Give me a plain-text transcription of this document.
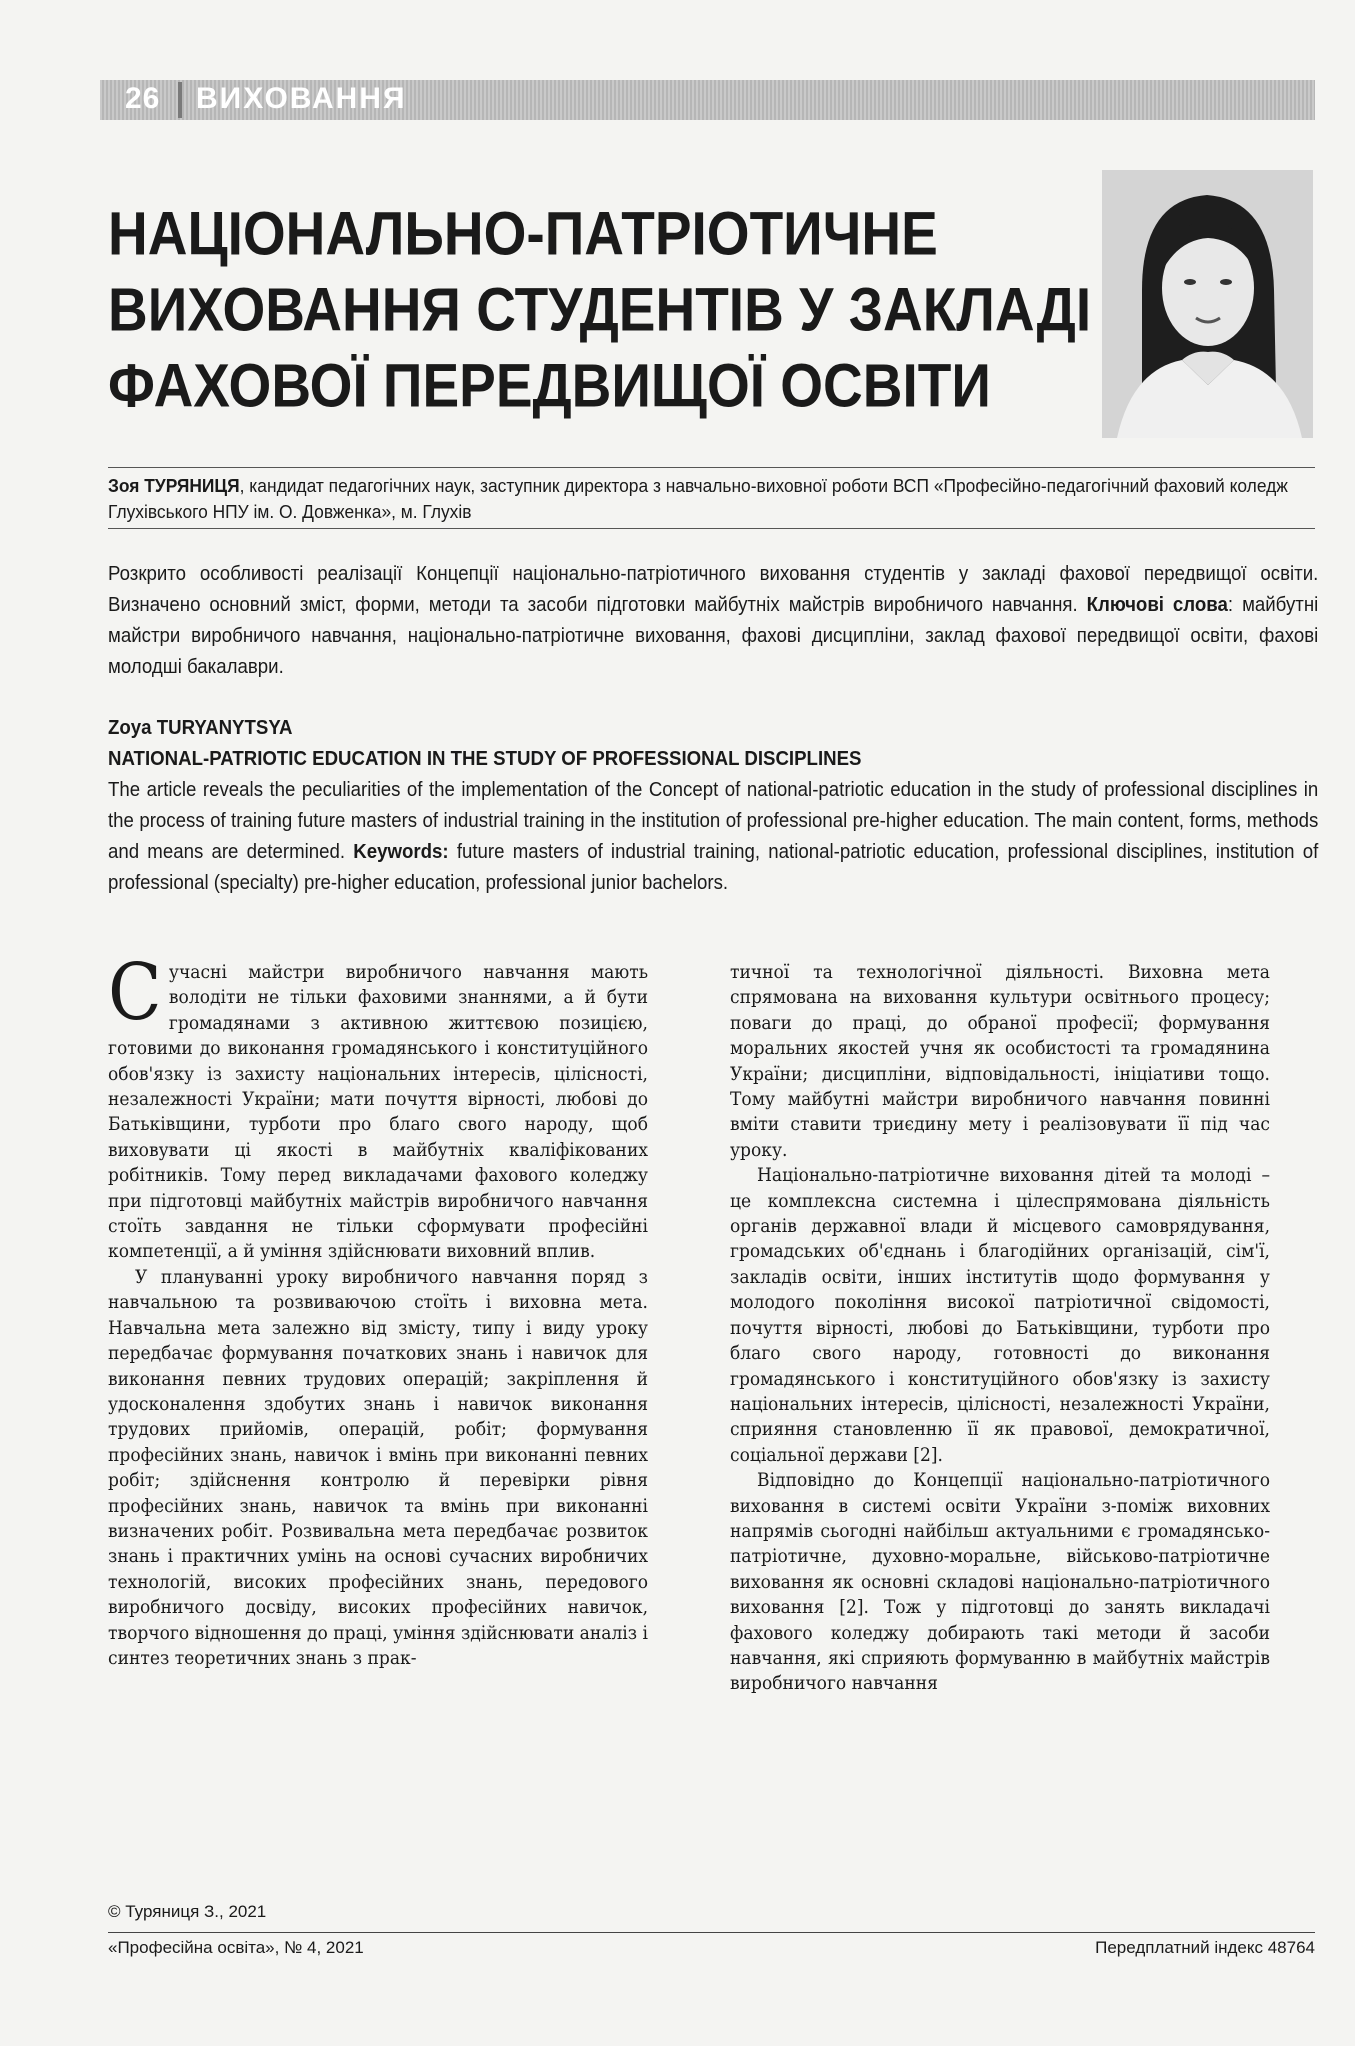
26 ВИХОВАННЯ
НАЦІОНАЛЬНО-ПАТРІОТИЧНЕ
ВИХОВАННЯ СТУДЕНТІВ У ЗАКЛАДІ
ФАХОВОЇ ПЕРЕДВИЩОЇ ОСВІТИ
Зоя ТУРЯНИЦЯ, кандидат педагогічних наук, заступник директора з навчально-виховної роботи ВСП «Професійно-педагогічний фаховий коледж Глухівського НПУ ім. О. Довженка», м. Глухів

Розкрито особливості реалізації Концепції національно-патріотичного виховання студентів у закладі фахової передвищої освіти. Визначено основний зміст, форми, методи та засоби підготовки майбутніх майстрів виробничого навчання. Ключові слова: майбутні майстри виробничого навчання, національно-патріотичне виховання, фахові дисципліни, заклад фахової передвищої освіти, фахові молодші бакалаври.

Zoya TURYANYTSYA

NATIONAL-PATRIOTIC EDUCATION IN THE STUDY OF PROFESSIONAL DISCIPLINES

The article reveals the peculiarities of the implementation of the Concept of national-patriotic education in the study of professional disciplines in the process of training future masters of industrial training in the institution of professional pre-higher education. The main content, forms, methods and means are determined. Keywords: future masters of industrial training, national-patriotic education, professional disciplines, institution of professional (specialty) pre-higher education, professional junior bachelors.

Сучасні майстри виробничого навчання мають володіти не тільки фаховими знаннями, а й бути громадянами з активною життєвою позицією, готовими до виконання громадянського і конституційного обов'язку із захисту національних інтересів, цілісності, незалежності України; мати почуття вірності, любові до Батьківщини, турботи про благо свого народу, щоб виховувати ці якості в майбутніх кваліфікованих робітників. Тому перед викладачами фахового коледжу при підготовці майбутніх майстрів виробничого навчання стоїть завдання не тільки сформувати професійні компетенції, а й уміння здійснювати виховний вплив.

У плануванні уроку виробничого навчання поряд з навчальною та розвиваючою стоїть і виховна мета. Навчальна мета залежно від змісту, типу і виду уроку передбачає формування початкових знань і навичок для виконання певних трудових операцій; закріплення й удосконалення здобутих знань і навичок виконання трудових прийомів, операцій, робіт; формування професійних знань, навичок і вмінь при виконанні певних робіт; здійснення контролю й перевірки рівня професійних знань, навичок та вмінь при виконанні визначених робіт. Розвивальна мета передбачає розвиток знань і практичних умінь на основі сучасних виробничих технологій, високих професійних знань, передового виробничого досвіду, високих професійних навичок, творчого відношення до праці, уміння здійснювати аналіз і синтез теоретичних знань з прак-

тичної та технологічної діяльності. Виховна мета спрямована на виховання культури освітнього процесу; поваги до праці, до обраної професії; формування моральних якостей учня як особистості та громадянина України; дисципліни, відповідальності, ініціативи тощо. Тому майбутні майстри виробничого навчання повинні вміти ставити триєдину мету і реалізовувати її під час уроку.

Національно-патріотичне виховання дітей та молоді – це комплексна системна і цілеспрямована діяльність органів державної влади й місцевого самоврядування, громадських об'єднань і благодійних організацій, сім'ї, закладів освіти, інших інститутів щодо формування у молодого покоління високої патріотичної свідомості, почуття вірності, любові до Батьківщини, турботи про благо свого народу, готовності до виконання громадянського і конституційного обов'язку із захисту національних інтересів, цілісності, незалежності України, сприяння становленню її як правової, демократичної, соціальної держави [2].

Відповідно до Концепції національно-патріотичного виховання в системі освіти України з-поміж виховних напрямів сьогодні найбільш актуальними є громадянсько-патріотичне, духовно-моральне, військово-патріотичне виховання як основні складові національно-патріотичного виховання [2]. Тож у підготовці до занять викладачі фахового коледжу добирають такі методи й засоби навчання, які сприяють формуванню в майбутніх майстрів виробничого навчання

© Туряниця З., 2021
«Професійна освіта», № 4, 2021	Передплатний індекс 48764
